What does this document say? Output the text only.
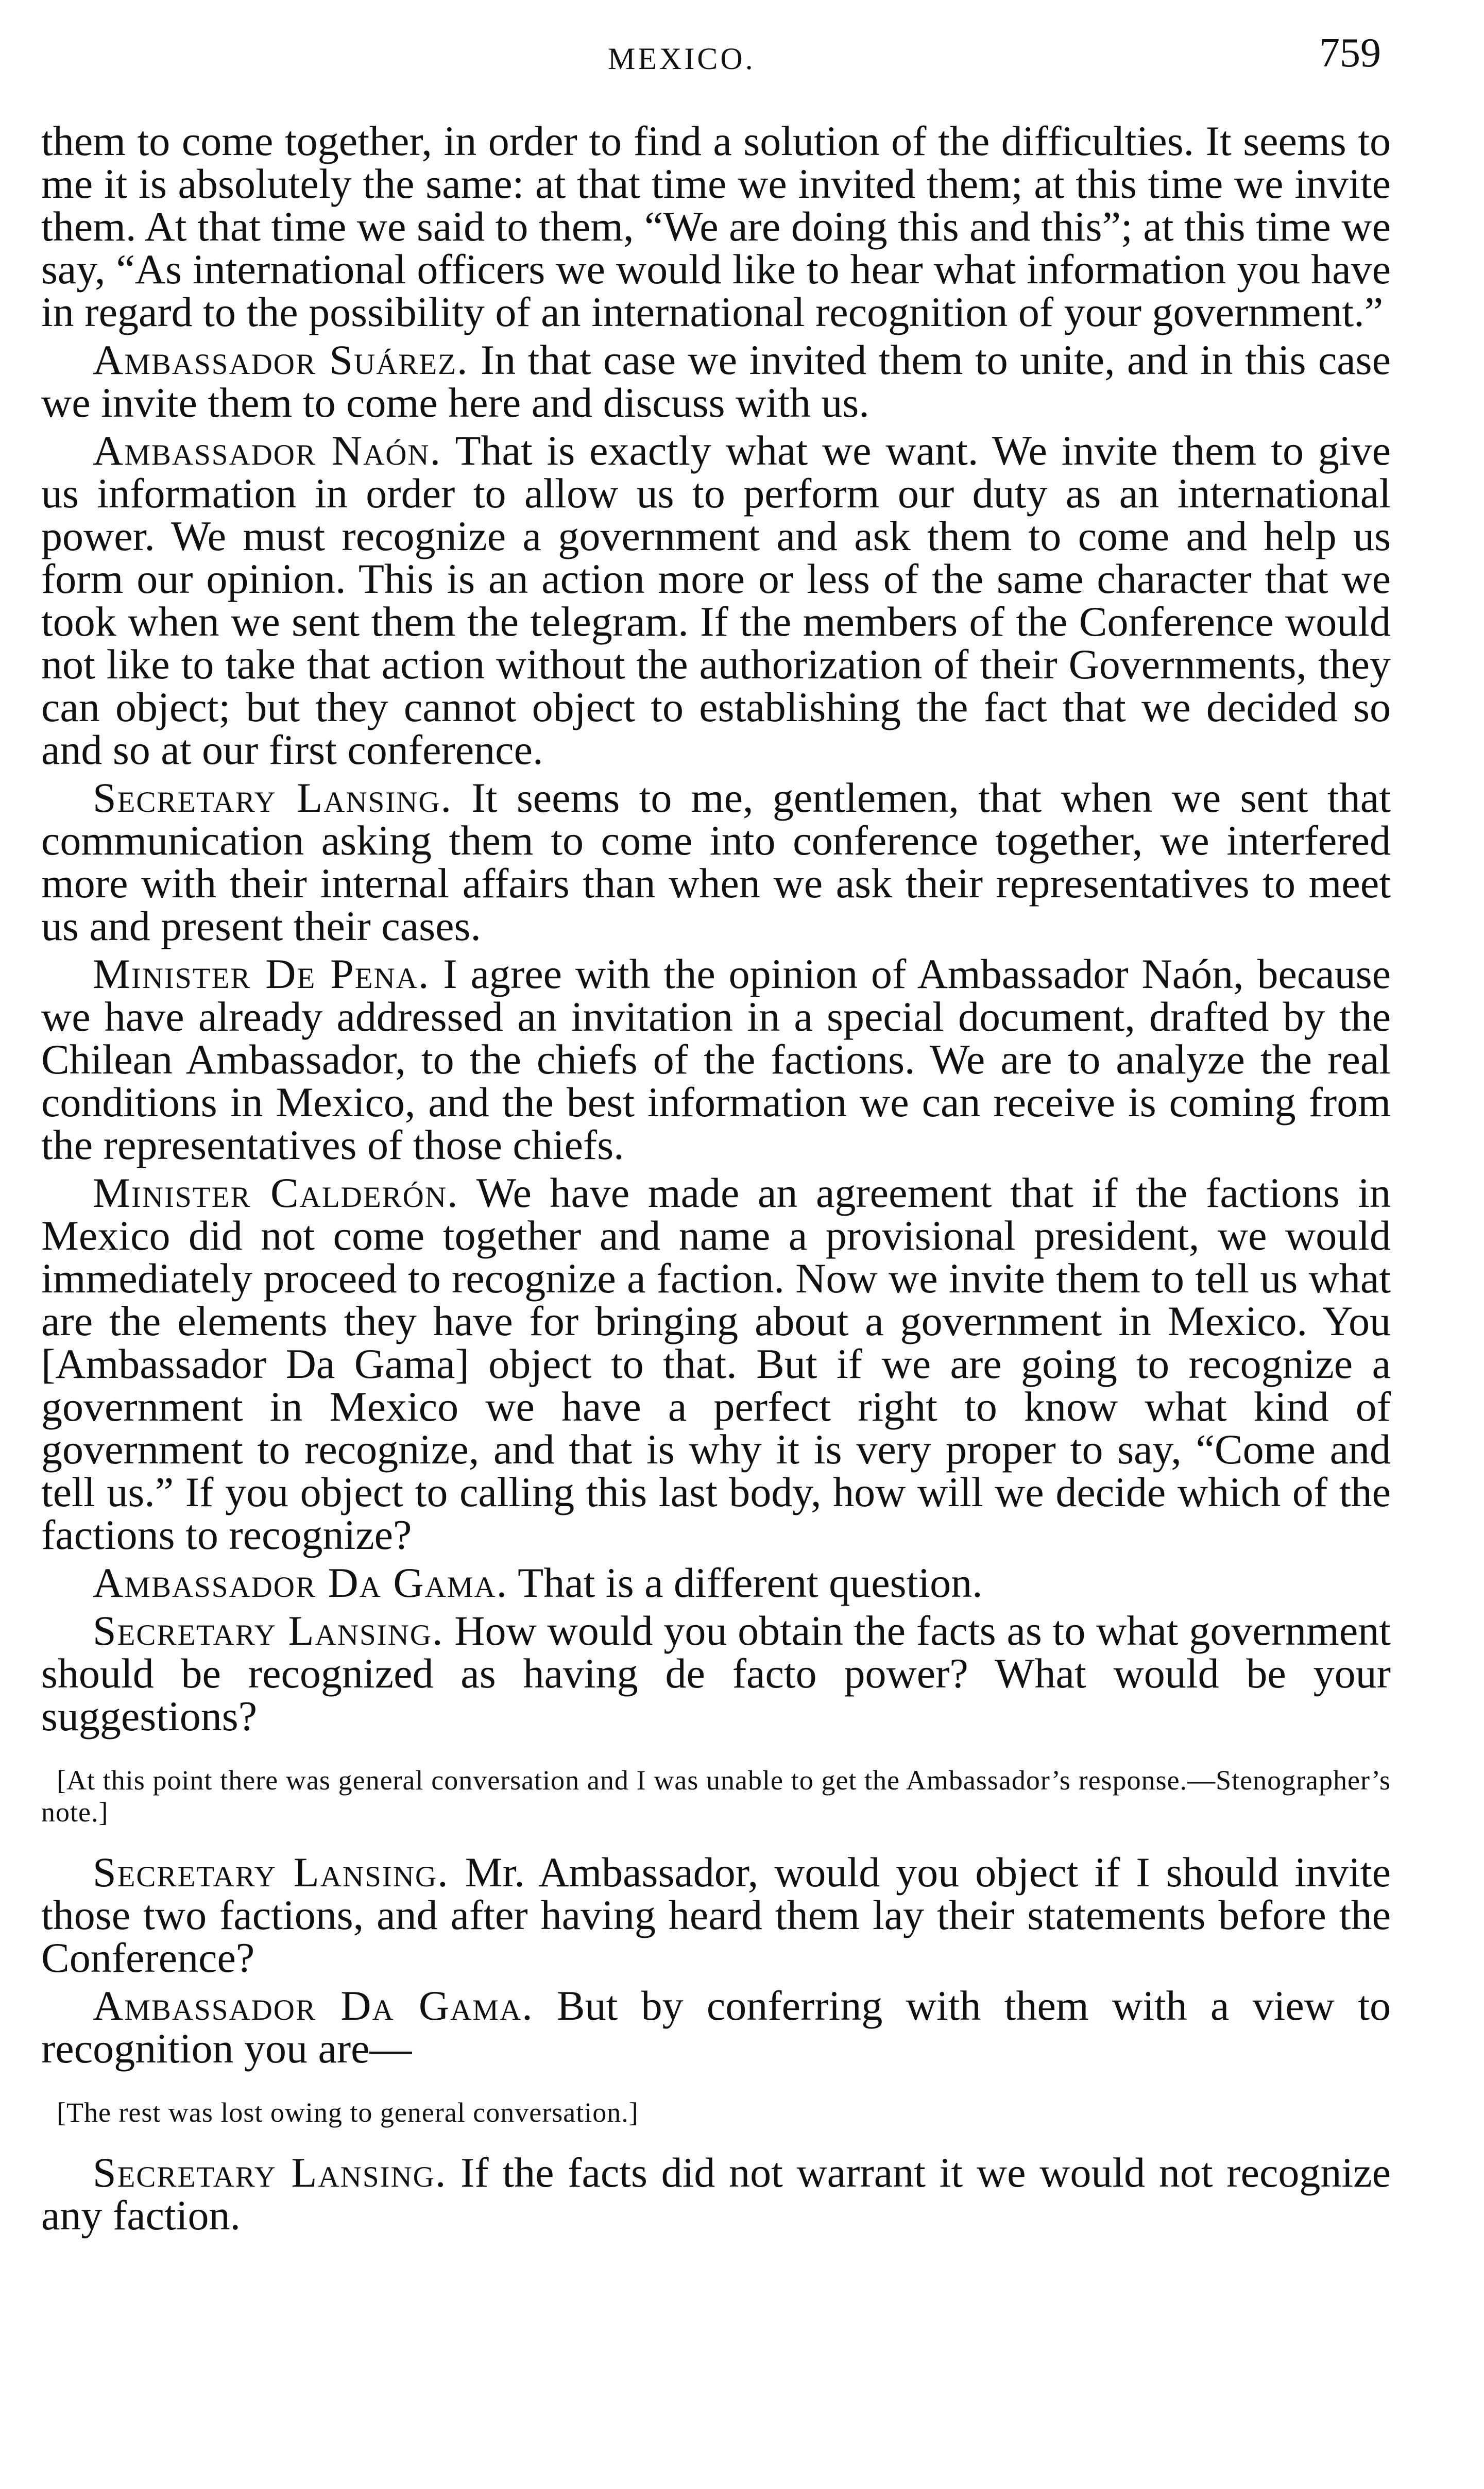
MEXICO.	759

them to come together, in order to find a solution of the difficulties. It seems to me it is absolutely the same: at that time we invited them; at this time we invite them. At that time we said to them, “We are doing this and this”; at this time we say, “As international officers we would like to hear what information you have in regard to the possibility of an international recognition of your government.”

Ambassador Suárez. In that case we invited them to unite, and in this case we invite them to come here and discuss with us.

Ambassador Naón. That is exactly what we want. We invite them to give us information in order to allow us to perform our duty as an international power. We must recognize a government and ask them to come and help us form our opinion. This is an action more or less of the same character that we took when we sent them the telegram. If the members of the Conference would not like to take that action without the authorization of their Governments, they can object; but they cannot object to establishing the fact that we decided so and so at our first conference.

Secretary Lansing. It seems to me, gentlemen, that when we sent that communication asking them to come into conference together, we interfered more with their internal affairs than when we ask their representatives to meet us and present their cases.

Minister De Pena. I agree with the opinion of Ambassador Naón, because we have already addressed an invitation in a special document, drafted by the Chilean Ambassador, to the chiefs of the factions. We are to analyze the real conditions in Mexico, and the best information we can receive is coming from the representatives of those chiefs.

Minister Calderón. We have made an agreement that if the factions in Mexico did not come together and name a provisional president, we would immediately proceed to recognize a faction. Now we invite them to tell us what are the elements they have for bringing about a government in Mexico. You [Ambassador Da Gama] object to that. But if we are going to recognize a government in Mexico we have a perfect right to know what kind of government to recognize, and that is why it is very proper to say, “Come and tell us.” If you object to calling this last body, how will we decide which of the factions to recognize?

Ambassador Da Gama. That is a different question.

Secretary Lansing. How would you obtain the facts as to what government should be recognized as having de facto power? What would be your suggestions?

[At this point there was general conversation and I was unable to get the Ambassador’s response.—Stenographer’s note.]

Secretary Lansing. Mr. Ambassador, would you object if I should invite those two factions, and after having heard them lay their statements before the Conference?

Ambassador Da Gama. But by conferring with them with a view to recognition you are—

[The rest was lost owing to general conversation.]

Secretary Lansing. If the facts did not warrant it we would not recognize any faction.
